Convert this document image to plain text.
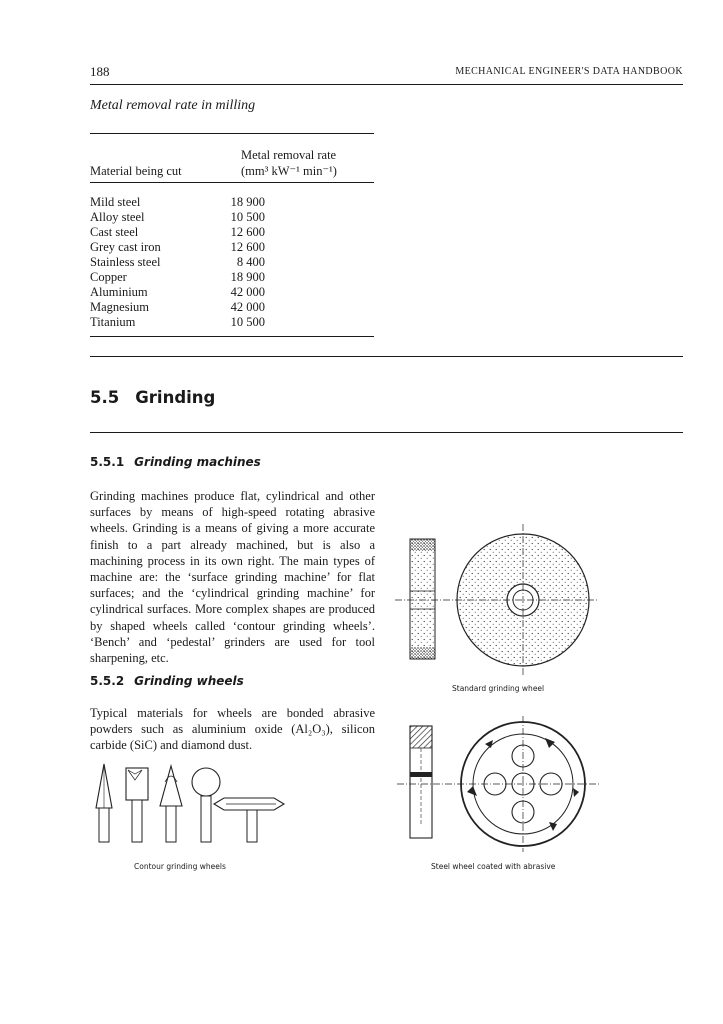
188	MECHANICAL ENGINEER'S DATA HANDBOOK
Metal removal rate in milling
Material being cut
Metal removal rate
(mm³ kW⁻¹ min⁻¹)
Mild steel	18 900
Alloy steel	10 500
Cast steel	12 600
Grey cast iron	12 600
Stainless steel	8 400
Copper	18 900
Aluminium	42 000
Magnesium	42 000
Titanium	10 500
5.5 Grinding
5.5.1 Grinding machines
Grinding machines produce flat, cylindrical and other surfaces by means of high-speed rotating abrasive wheels. Grinding is a means of giving a more accurate finish to a part already machined, but is also a machining process in its own right. The main types of machine are: the ‘surface grinding machine’ for flat surfaces; and the ‘cylindrical grinding machine’ for cylindrical surfaces. More complex shapes are produced by shaped wheels called ‘contour grinding wheels’. ‘Bench’ and ‘pedestal’ grinders are used for tool sharpening, etc.
5.5.2 Grinding wheels
Typical materials for wheels are bonded abrasive powders such as aluminium oxide (Al₂O₃), silicon carbide (SiC) and diamond dust.
Standard grinding wheel
Steel wheel coated with abrasive
Contour grinding wheels
